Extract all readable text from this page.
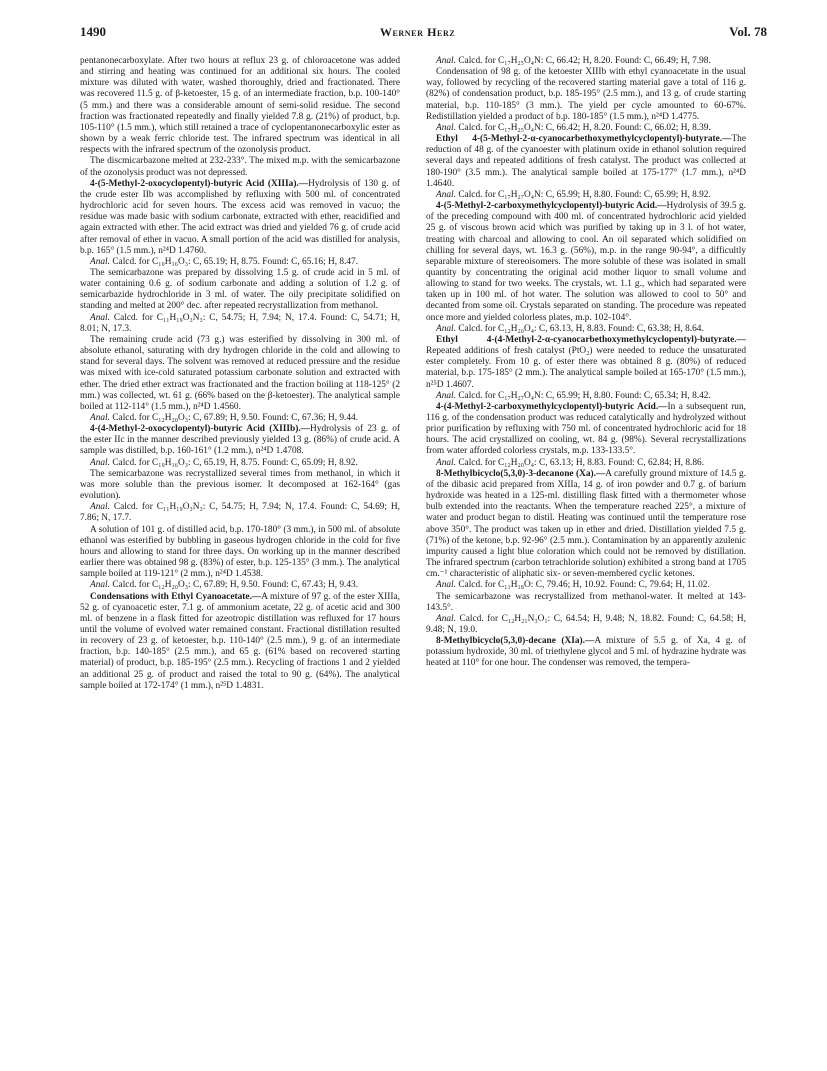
1490	Werner Herz	Vol. 78

pentanonecarboxylate. After two hours at reflux 23 g. of chloroacetone was added and stirring and heating was continued for an additional six hours. The cooled mixture was diluted with water, washed thoroughly, dried and fractionated. There was recovered 11.5 g. of β-ketoester, 15 g. of an intermediate fraction, b.p. 100-140° (5 mm.) and there was a considerable amount of semi-solid residue. The second fraction was fractionated repeatedly and finally yielded 7.8 g. (21%) of product, b.p. 105-110° (1.5 mm.), which still retained a trace of cyclopentanonecarboxylic ester as shown by a weak ferric chloride test. The infrared spectrum was identical in all respects with the infrared spectrum of the ozonolysis product.

The discmicarbazone melted at 232-233°. The mixed m.p. with the semicarbazone of the ozonolysis product was not depressed.

4-(5-Methyl-2-oxocyclopentyl)-butyric Acid (XIIIa).—Hydrolysis of 130 g. of the crude ester IIb was accomplished by refluxing with 500 ml. of concentrated hydrochloric acid for seven hours. The excess acid was removed in vacuo; the residue was made basic with sodium carbonate, extracted with ether, reacidified and again extracted with ether. The acid extract was dried and yielded 76 g. of crude acid after removal of ether in vacuo. A small portion of the acid was distilled for analysis, b.p. 165° (1.5 mm.), n²⁴D 1.4760.

Anal. Calcd. for C₁₀H₁₆O₃: C, 65.19; H, 8.75. Found: C, 65.16; H, 8.47.

The semicarbazone was prepared by dissolving 1.5 g. of crude acid in 5 ml. of water containing 0.6 g. of sodium carbonate and adding a solution of 1.2 g. of semicarbazide hydrochloride in 3 ml. of water. The oily precipitate solidified on standing and melted at 200° dec. after repeated recrystallization from methanol.

Anal. Calcd. for C₁₁H₁₉O₃N₃: C, 54.75; H, 7.94; N, 17.4. Found: C, 54.71; H, 8.01; N, 17.3.

The remaining crude acid (73 g.) was esterified by dissolving in 300 ml. of absolute ethanol, saturating with dry hydrogen chloride in the cold and allowing to stand for several days. The solvent was removed at reduced pressure and the residue was mixed with ice-cold saturated potassium carbonate solution and extracted with ether. The dried ether extract was fractionated and the fraction boiling at 118-125° (2 mm.) was collected, wt. 61 g. (66% based on the β-ketoester). The analytical sample boiled at 112-114° (1.5 mm.), n²⁴D 1.4560.

Anal. Calcd. for C₁₂H₂₀O₃: C, 67.89; H, 9.50. Found: C, 67.36; H, 9.44.

4-(4-Methyl-2-oxocyclopentyl)-butyric Acid (XIIIb).—Hydrolysis of 23 g. of the ester IIc in the manner described previously yielded 13 g. (86%) of crude acid. A sample was distilled, b.p. 160-161° (1.2 mm.), n²⁴D 1.4708.

Anal. Calcd. for C₁₀H₁₆O₃: C, 65.19, H, 8.75. Found: C, 65.09; H, 8.92.

The semicarbazone was recrystallized several times from methanol, in which it was more soluble than the previous isomer. It decomposed at 162-164° (gas evolution).

Anal. Calcd. for C₁₁H₁₉O₃N₃: C, 54.75; H, 7.94; N, 17.4. Found: C, 54.69; H, 7.86; N, 17.7.

A solution of 101 g. of distilled acid, b.p. 170-180° (3 mm.), in 500 ml. of absolute ethanol was esterified by bubbling in gaseous hydrogen chloride in the cold for five hours and allowing to stand for three days. On working up in the manner described earlier there was obtained 98 g. (83%) of ester, b.p. 125-135° (3 mm.). The analytical sample boiled at 119-121° (2 mm.), n²⁴D 1.4538.

Anal. Calcd. for C₁₂H₂₀O₃: C, 67.89; H, 9.50. Found: C, 67.43; H, 9.43.

Condensations with Ethyl Cyanoacetate.—A mixture of 97 g. of the ester XIIIa, 52 g. of cyanoacetic ester, 7.1 g. of ammonium acetate, 22 g. of acetic acid and 300 ml. of benzene in a flask fitted for azeotropic distillation was refluxed for 17 hours until the volume of evolved water remained constant. Fractional distillation resulted in recovery of 23 g. of ketoester, b.p. 110-140° (2.5 mm.), 9 g. of an intermediate fraction, b.p. 140-185° (2.5 mm.), and 65 g. (61% based on recovered starting material) of product, b.p. 185-195° (2.5 mm.). Recycling of fractions 1 and 2 yielded an additional 25 g. of product and raised the total to 90 g. (64%). The analytical sample boiled at 172-174° (1 mm.), n²⁵D 1.4831.

Anal. Calcd. for C₁₇H₂₅O₄N: C, 66.42; H, 8.20. Found: C, 66.49; H, 7.98.

Condensation of 98 g. of the ketoester XIIIb with ethyl cyanoacetate in the usual way, followed by recycling of the recovered starting material gave a total of 116 g. (82%) of condensation product, b.p. 185-195° (2.5 mm.), and 13 g. of crude starting material, b.p. 110-185° (3 mm.). The yield per cycle amounted to 60-67%. Redistillation yielded a product of b.p. 180-185° (1.5 mm.), n²⁴D 1.4775.

Anal. Calcd. for C₁₇H₂₅O₄N: C, 66.42; H, 8.20. Found: C, 66.02; H, 8.39.

Ethyl 4-(5-Methyl-2-α-cyanocarbethoxymethylcyclopentyl)-butyrate.—The reduction of 48 g. of the cyanoester with platinum oxide in ethanol solution required several days and repeated additions of fresh catalyst. The product was collected at 180-190° (3.5 mm.). The analytical sample boiled at 175-177° (1.7 mm.), n²⁴D 1.4640.

Anal. Calcd. for C₁₇H₂₇O₄N: C, 65.99; H, 8.80. Found: C, 65.99; H, 8.92.

4-(5-Methyl-2-carboxymethylcyclopentyl)-butyric Acid.—Hydrolysis of 39.5 g. of the preceding compound with 400 ml. of concentrated hydrochloric acid yielded 25 g. of viscous brown acid which was purified by taking up in 3 l. of hot water, treating with charcoal and allowing to cool. An oil separated which solidified on chilling for several days, wt. 16.3 g. (56%), m.p. in the range 90-94°, a difficultly separable mixture of stereoisomers. The more soluble of these was isolated in small quantity by concentrating the original acid mother liquor to small volume and allowing to stand for two weeks. The crystals, wt. 1.1 g., which had separated were taken up in 100 ml. of hot water. The solution was allowed to cool to 50° and decanted from some oil. Crystals separated on standing. The procedure was repeated once more and yielded colorless plates, m.p. 102-104°.

Anal. Calcd. for C₁₂H₂₀O₄: C, 63.13, H, 8.83. Found: C, 63.38; H, 8.64.

Ethyl 4-(4-Methyl-2-α-cyanocarbethoxymethylcyclopentyl)-butyrate.—Repeated additions of fresh catalyst (PtO₂) were needed to reduce the unsaturated ester completely. From 10 g. of ester there was obtained 8 g. (80%) of reduced material, b.p. 175-185° (2 mm.). The analytical sample boiled at 165-170° (1.5 mm.), n²⁵D 1.4607.

Anal. Calcd. for C₁₇H₂₇O₄N: C, 65.99; H, 8.80. Found: C, 65.34; H, 8.42.

4-(4-Methyl-2-carboxymethylcyclopentyl)-butyric Acid.—In a subsequent run, 116 g. of the condensation product was reduced catalytically and hydrolyzed without prior purification by refluxing with 750 ml. of concentrated hydrochloric acid for 18 hours. The acid crystallized on cooling, wt. 84 g. (98%). Several recrystallizations from water afforded colorless crystals, m.p. 133-133.5°.

Anal. Calcd. for C₁₂H₂₀O₄: C, 63.13; H, 8.83. Found: C, 62.84; H, 8.86.

8-Methylbicyclo(5,3,0)-3-decanone (Xa).—A carefully ground mixture of 14.5 g. of the dibasic acid prepared from XIIIa, 14 g. of iron powder and 0.7 g. of barium hydroxide was heated in a 125-ml. distilling flask fitted with a thermometer whose bulb extended into the reactants. When the temperature reached 225°, a mixture of water and product began to distil. Heating was continued until the temperature rose above 350°. The product was taken up in ether and dried. Distillation yielded 7.5 g. (71%) of the ketone, b.p. 92-96° (2.5 mm.). Contamination by an apparently azulenic impurity caused a light blue coloration which could not be removed by distillation. The infrared spectrum (carbon tetrachloride solution) exhibited a strong band at 1705 cm.⁻¹ characteristic of aliphatic six- or seven-membered cyclic ketones.

Anal. Calcd. for C₁₁H₁₈O: C, 79.46; H, 10.92. Found: C, 79.64; H, 11.02.

The semicarbazone was recrystallized from methanol-water. It melted at 143-143.5°.

Anal. Calcd. for C₁₂H₂₁N₃O₁: C, 64.54; H, 9.48; N, 18.82. Found: C, 64.58; H, 9.48; N, 19.0.

8-Methylbicyclo(5,3,0)-decane (XIa).—A mixture of 5.5 g. of Xa, 4 g. of potassium hydroxide, 30 ml. of triethylene glycol and 5 ml. of hydrazine hydrate was heated at 110° for one hour. The condenser was removed, the tempera-
